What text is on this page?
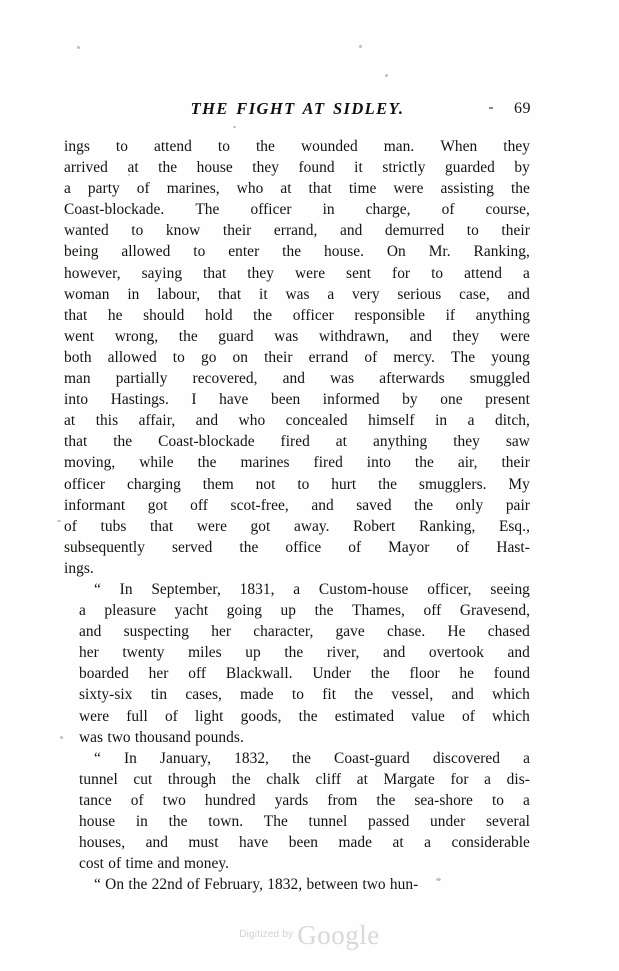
THE FIGHT AT SIDLEY.	69

ings to attend to the wounded man. When they
arrived at the house they found it strictly guarded by
a party of marines, who at that time were assisting the
Coast-blockade. The officer in charge, of course,
wanted to know their errand, and demurred to their
being allowed to enter the house. On Mr. Ranking,
however, saying that they were sent for to attend a
woman in labour, that it was a very serious case, and
that he should hold the officer responsible if anything
went wrong, the guard was withdrawn, and they were
both allowed to go on their errand of mercy. The young
man partially recovered, and was afterwards smuggled
into Hastings. I have been informed by one present
at this affair, and who concealed himself in a ditch,
that the Coast-blockade fired at anything they saw
moving, while the marines fired into the air, their
officer charging them not to hurt the smugglers. My
informant got off scot-free, and saved the only pair
of tubs that were got away. Robert Ranking, Esq.,
subsequently served the office of Mayor of Hast-
ings.

“	In	September,	1831,	a	Custom-house	officer,	seeing
a	pleasure	yacht	going	up	the	Thames,	off	Gravesend,
and	suspecting	her	character,	gave	chase.	He	chased
her	twenty	miles	up	the	river,	and	overtook	and
boarded	her	off	Blackwall.	Under	the	floor	he	found
sixty-six	tin	cases,	made	to	fit	the	vessel,	and	which
were	full	of	light	goods,	the	estimated	value	of	which
was two thousand pounds.

“	In	January,	1832,	the	Coast-guard	discovered	a
tunnel	cut	through	the	chalk	cliff	at	Margate	for	a	dis-
tance	of	two	hundred	yards	from	the	sea-shore	to	a
house	in	the	town.	The	tunnel	passed	under	several
houses,	and	must	have	been	made	at	a	considerable
cost of time and money.

“ On the 22nd of February, 1832, between two hun-

$^{Digitized by}$ Google
